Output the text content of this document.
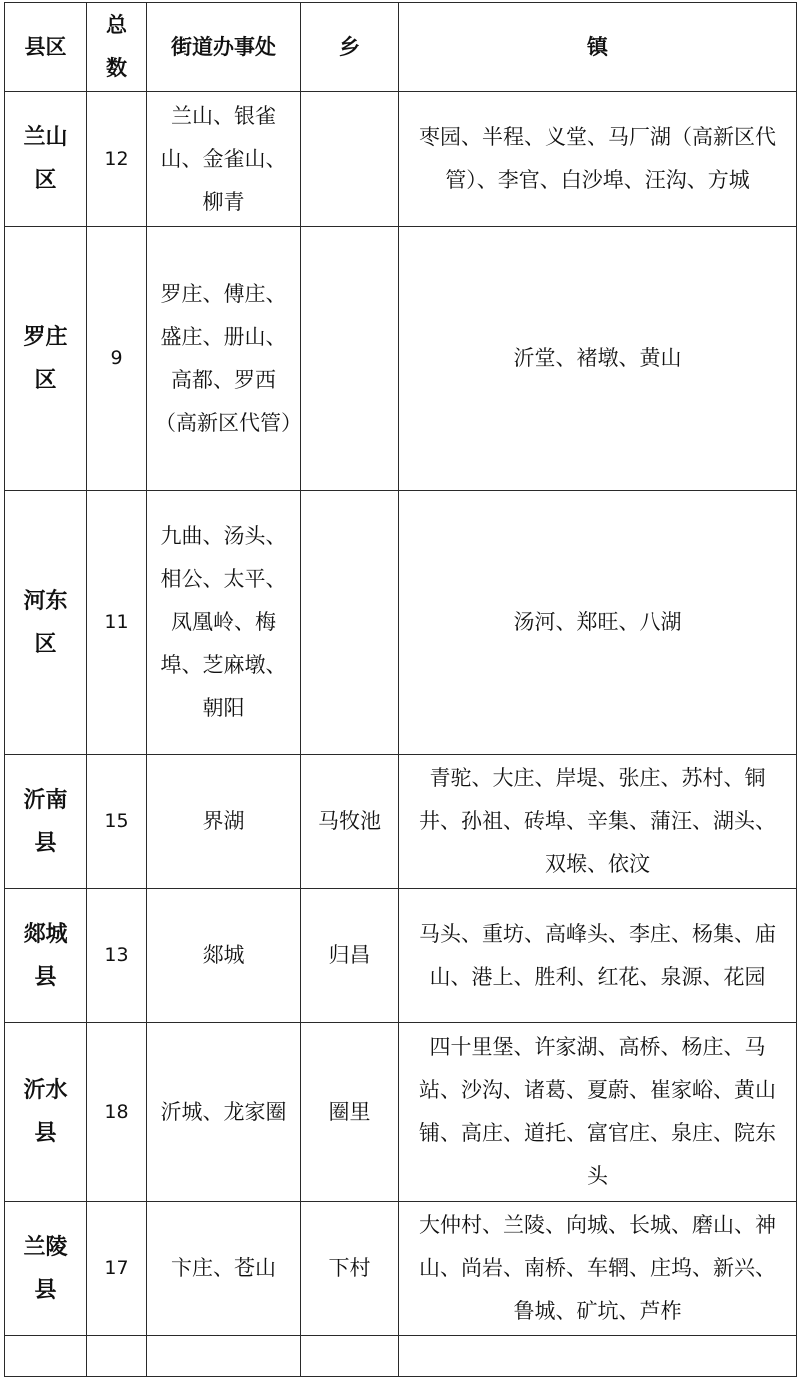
县区	总数	街道办事处	乡	镇
兰山区	12	兰山、银雀山、金雀山、柳青		枣园、半程、义堂、马厂湖（高新区代管）、李官、白沙埠、汪沟、方城
罗庄区	9	罗庄、傅庄、盛庄、册山、高都、罗西（高新区代管）		沂堂、褚墩、黄山
河东区	11	九曲、汤头、相公、太平、凤凰岭、梅埠、芝麻墩、朝阳		汤河、郑旺、八湖
沂南县	15	界湖	马牧池	青驼、大庄、岸堤、张庄、苏村、铜井、孙祖、砖埠、辛集、蒲汪、湖头、双堠、依汶
郯城县	13	郯城	归昌	马头、重坊、高峰头、李庄、杨集、庙山、港上、胜利、红花、泉源、花园
沂水县	18	沂城、龙家圈	圈里	四十里堡、许家湖、高桥、杨庄、马站、沙沟、诸葛、夏蔚、崔家峪、黄山铺、高庄、道托、富官庄、泉庄、院东头
兰陵县	17	卞庄、苍山	下村	大仲村、兰陵、向城、长城、磨山、神山、尚岩、南桥、车辋、庄坞、新兴、鲁城、矿坑、芦柞
